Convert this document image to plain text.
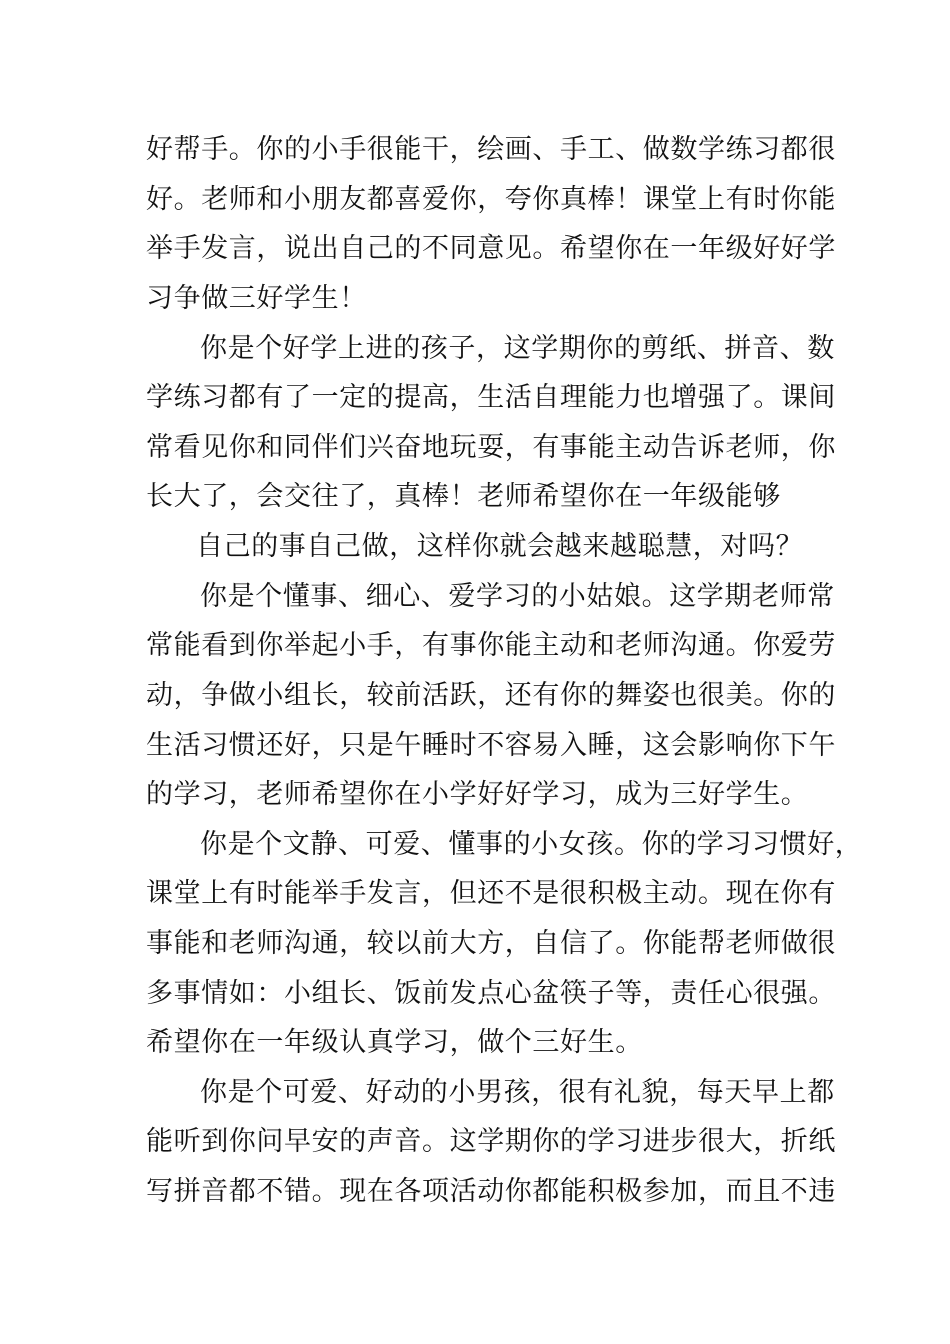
好帮手。你的小手很能干，绘画、手工、做数学练习都很
好。老师和小朋友都喜爱你，夸你真棒！课堂上有时你能
举手发言，说出自己的不同意见。希望你在一年级好好学
习争做三好学生！
你是个好学上进的孩子，这学期你的剪纸、拼音、数
学练习都有了一定的提高，生活自理能力也增强了。课间
常看见你和同伴们兴奋地玩耍，有事能主动告诉老师，你
长大了，会交往了，真棒！老师希望你在一年级能够
自己的事自己做，这样你就会越来越聪慧，对吗？
你是个懂事、细心、爱学习的小姑娘。这学期老师常
常能看到你举起小手，有事你能主动和老师沟通。你爱劳
动，争做小组长，较前活跃，还有你的舞姿也很美。你的
生活习惯还好，只是午睡时不容易入睡，这会影响你下午
的学习，老师希望你在小学好好学习，成为三好学生。
你是个文静、可爱、懂事的小女孩。你的学习习惯好，
课堂上有时能举手发言，但还不是很积极主动。现在你有
事能和老师沟通，较以前大方，自信了。你能帮老师做很
多事情如：小组长、饭前发点心盆筷子等，责任心很强。
希望你在一年级认真学习，做个三好生。
你是个可爱、好动的小男孩，很有礼貌，每天早上都
能听到你问早安的声音。这学期你的学习进步很大，折纸
写拼音都不错。现在各项活动你都能积极参加，而且不违
